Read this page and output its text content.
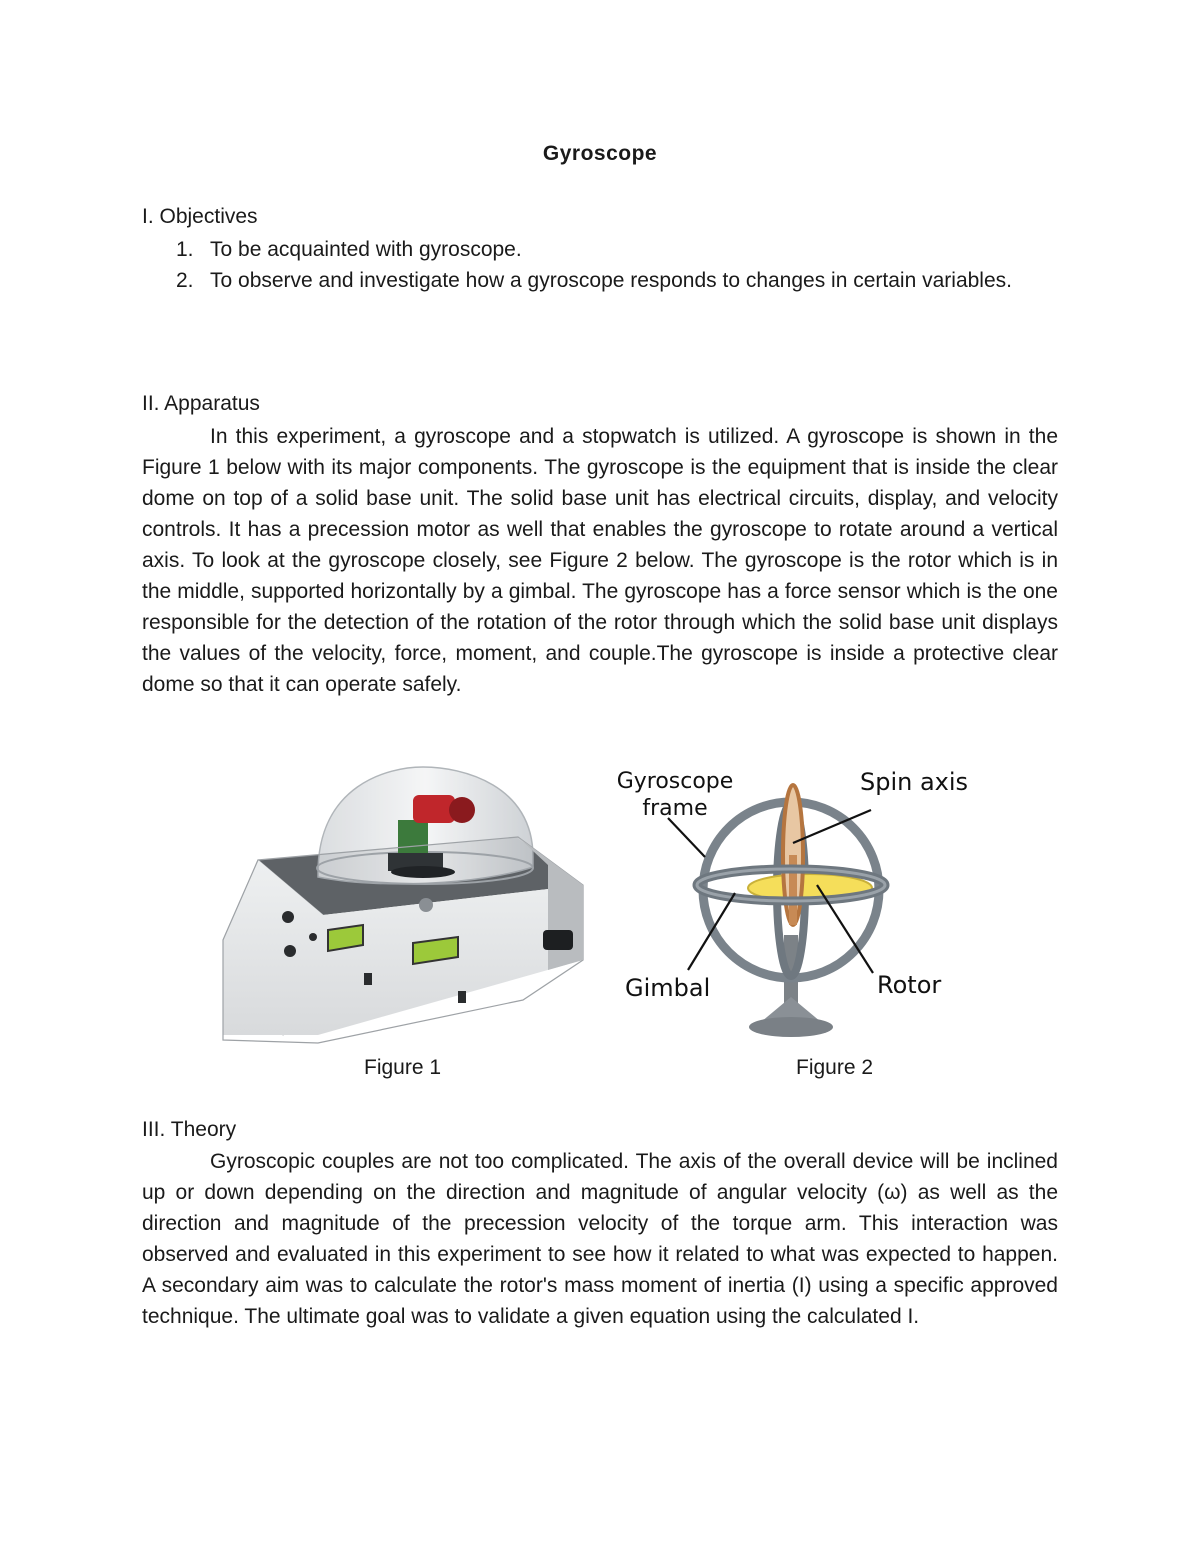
Gyroscope
I. Objectives
1. To be acquainted with gyroscope.
2. To observe and investigate how a gyroscope responds to changes in certain variables.
II. Apparatus
In this experiment, a gyroscope and a stopwatch is utilized. A gyroscope is shown in the Figure 1 below with its major components. The gyroscope is the equipment that is inside the clear dome on top of a solid base unit. The solid base unit has electrical circuits, display, and velocity controls. It has a precession motor as well that enables the gyroscope to rotate around a vertical axis. To look at the gyroscope closely, see Figure 2 below. The gyroscope is the rotor which is in the middle, supported horizontally by a gimbal. The gyroscope has a force sensor which is the one responsible for the detection of the rotation of the rotor through which the solid base unit displays the values of the velocity, force, moment, and couple.The gyroscope is inside a protective clear dome so that it can operate safely.
Gyroscope
frame
Spin axis
Gimbal	Rotor
Figure 1	Figure 2
III. Theory
Gyroscopic couples are not too complicated. The axis of the overall device will be inclined up or down depending on the direction and magnitude of angular velocity (ω) as well as the direction and magnitude of the precession velocity of the torque arm. This interaction was observed and evaluated in this experiment to see how it related to what was expected to happen. A secondary aim was to calculate the rotor's mass moment of inertia (I) using a specific approved technique. The ultimate goal was to validate a given equation using the calculated I.
